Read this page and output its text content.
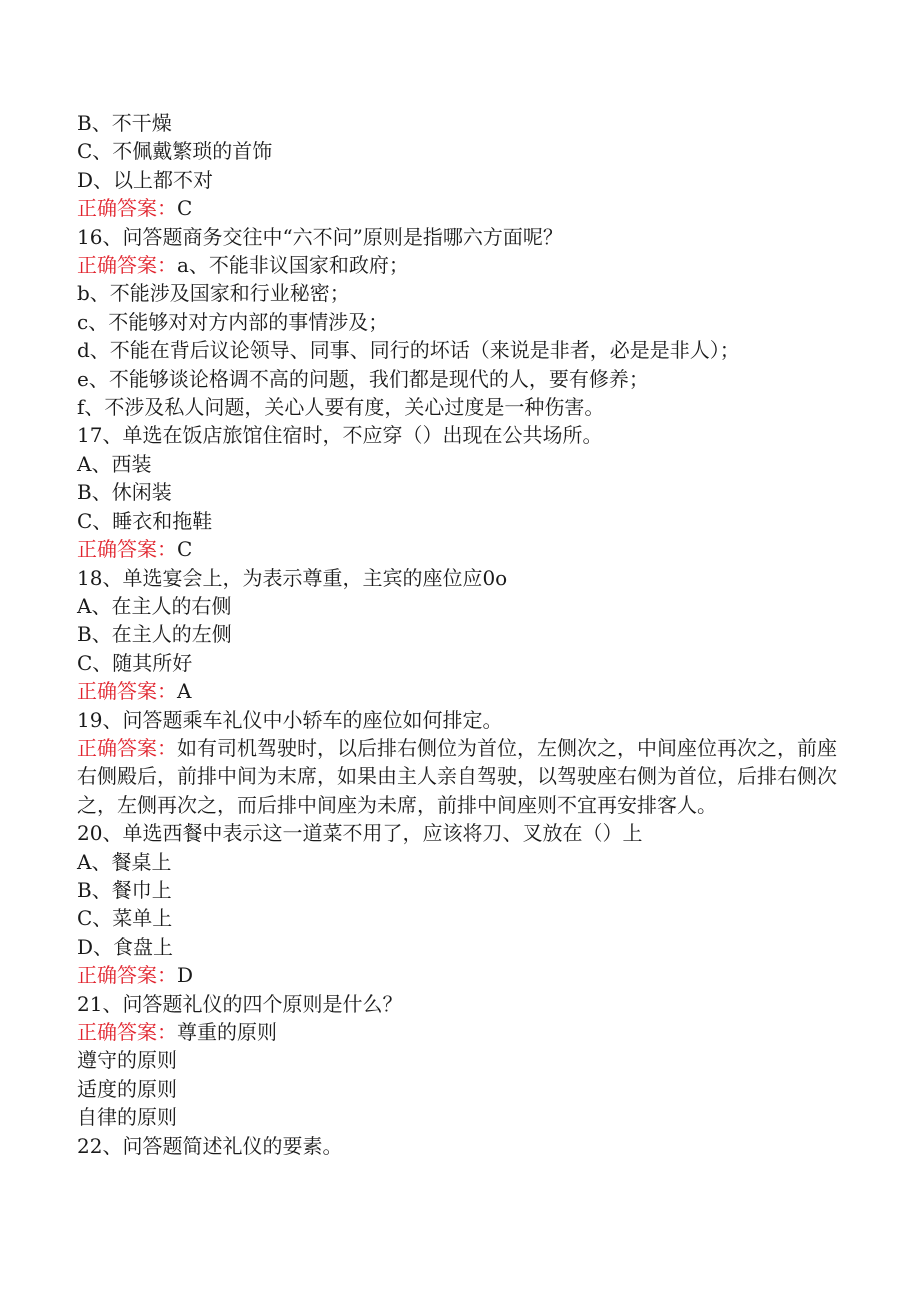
B、不干燥

C、不佩戴繁琐的首饰

D、以上都不对

正确答案：C

16、问答题商务交往中“六不问”原则是指哪六方面呢？

正确答案：a、不能非议国家和政府；

b、不能涉及国家和行业秘密；

c、不能够对对方内部的事情涉及；

d、不能在背后议论领导、同事、同行的坏话（来说是非者，必是是非人）；

e、不能够谈论格调不高的问题，我们都是现代的人，要有修养；

f、不涉及私人问题，关心人要有度，关心过度是一种伤害。

17、单选在饭店旅馆住宿时，不应穿（）出现在公共场所。

A、西装

B、休闲装

C、睡衣和拖鞋

正确答案：C

18、单选宴会上，为表示尊重，主宾的座位应0o

A、在主人的右侧

B、在主人的左侧

C、随其所好

正确答案：A

19、问答题乘车礼仪中小轿车的座位如何排定。

正确答案：如有司机驾驶时，以后排右侧位为首位，左侧次之，中间座位再次之，前座右侧殿后，前排中间为末席，如果由主人亲自驾驶，以驾驶座右侧为首位，后排右侧次之，左侧再次之，而后排中间座为未席，前排中间座则不宜再安排客人。

20、单选西餐中表示这一道菜不用了，应该将刀、叉放在（）上

A、餐桌上

B、餐巾上

C、菜单上

D、食盘上

正确答案：D

21、问答题礼仪的四个原则是什么？

正确答案：尊重的原则

遵守的原则

适度的原则

自律的原则

22、问答题简述礼仪的要素。
